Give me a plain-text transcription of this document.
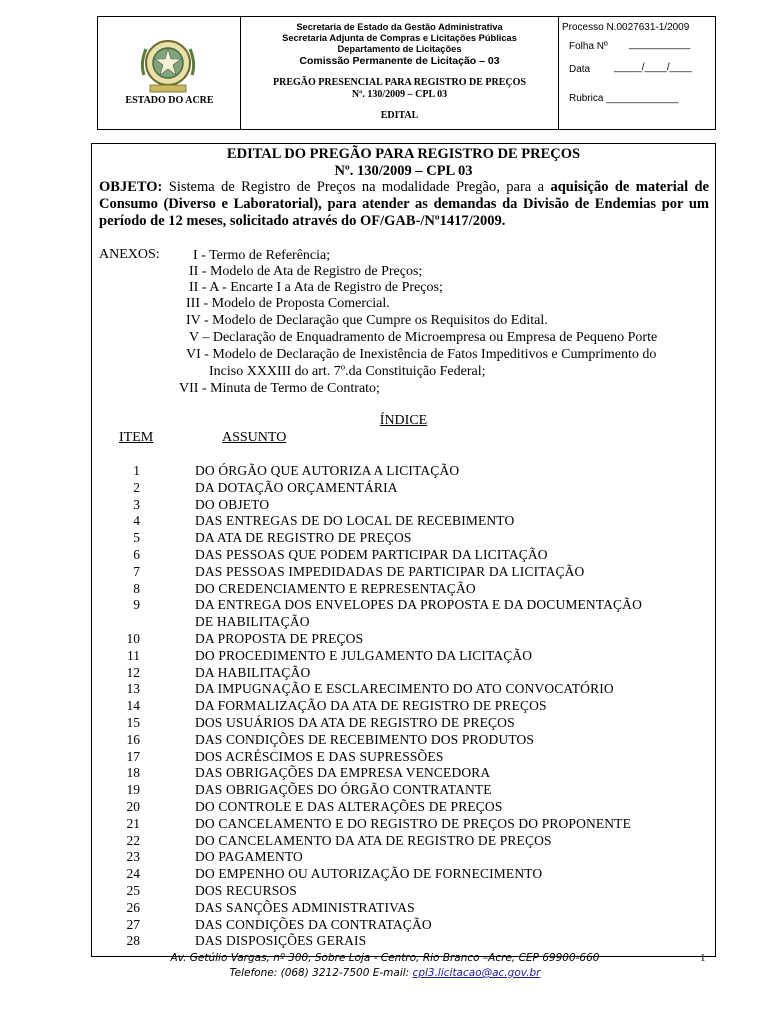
ESTADO DO ACRE
Secretaria de Estado da Gestão Administrativa
Secretaria Adjunta de Compras e Licitações Públicas
Departamento de Licitações
Comissão Permanente de Licitação – 03
PREGÃO PRESENCIAL PARA REGISTRO DE PREÇOS
Nº. 130/2009 – CPL 03
EDITAL
Processo N.0027631-1/2009
Folha Nº ___________
Data _____/____/____
Rubrica _____________
EDITAL DO PREGÃO PARA REGISTRO DE PREÇOS
Nº. 130/2009 – CPL 03
OBJETO: Sistema de Registro de Preços na modalidade Pregão, para a aquisição de material de Consumo (Diverso e Laboratorial), para atender as demandas da Divisão de Endemias por um período de 12 meses, solicitado através do OF/GAB-/Nº1417/2009.
ANEXOS: I - Termo de Referência;
II - Modelo de Ata de Registro de Preços;
II - A - Encarte I a Ata de Registro de Preços;
III - Modelo de Proposta Comercial.
IV - Modelo de Declaração que Cumpre os Requisitos do Edital.
V – Declaração de Enquadramento de Microempresa ou Empresa de Pequeno Porte
VI - Modelo de Declaração de Inexistência de Fatos Impeditivos e Cumprimento do
Inciso XXXIII do art. 7º.da Constituição Federal;
VII - Minuta de Termo de Contrato;
ÍNDICE
ITEM	ASSUNTO
1	DO ÓRGÃO QUE AUTORIZA A LICITAÇÃO
2	DA DOTAÇÃO ORÇAMENTÁRIA
3	DO OBJETO
4	DAS ENTREGAS DE DO LOCAL DE RECEBIMENTO
5	DA ATA DE REGISTRO DE PREÇOS
6	DAS PESSOAS QUE PODEM PARTICIPAR DA LICITAÇÃO
7	DAS PESSOAS IMPEDIDADAS DE PARTICIPAR DA LICITAÇÃO
8	DO CREDENCIAMENTO E REPRESENTAÇÃO
9	DA ENTREGA DOS ENVELOPES DA PROPOSTA E DA DOCUMENTAÇÃO
DE HABILITAÇÃO
10	DA PROPOSTA DE PREÇOS
11	DO PROCEDIMENTO E JULGAMENTO DA LICITAÇÃO
12	DA HABILITAÇÃO
13	DA IMPUGNAÇÃO E ESCLARECIMENTO DO ATO CONVOCATÓRIO
14	DA FORMALIZAÇÃO DA ATA DE REGISTRO DE PREÇOS
15	DOS USUÁRIOS DA ATA DE REGISTRO DE PREÇOS
16	DAS CONDIÇÕES DE RECEBIMENTO DOS PRODUTOS
17	DOS ACRÉSCIMOS E DAS SUPRESSÕES
18	DAS OBRIGAÇÕES DA EMPRESA VENCEDORA
19	DAS OBRIGAÇÕES DO ÓRGÃO CONTRATANTE
20	DO CONTROLE E DAS ALTERAÇÕES DE PREÇOS
21	DO CANCELAMENTO E DO REGISTRO DE PREÇOS DO PROPONENTE
22	DO CANCELAMENTO DA ATA DE REGISTRO DE PREÇOS
23	DO PAGAMENTO
24	DO EMPENHO OU AUTORIZAÇÃO DE FORNECIMENTO
25	DOS RECURSOS
26	DAS SANÇÕES ADMINISTRATIVAS
27	DAS CONDIÇÕES DA CONTRATAÇÃO
28	DAS DISPOSIÇÕES GERAIS
Av. Getúlio Vargas, nº 300, Sobre Loja - Centro, Rio Branco –Acre, CEP 69900-660
Telefone: (068) 3212-7500 E-mail: cpl3.licitacao@ac.gov.br
1
